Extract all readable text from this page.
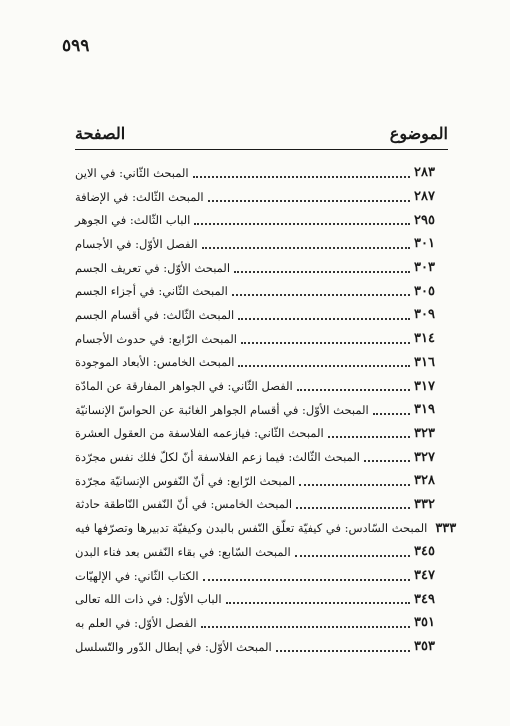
٥٩٩
الموضوع
الصفحة
المبحث الثّاني: في الاين	٢٨٣
المبحث الثّالث: في الإضافة	٢٨٧
الباب الثّالث: في الجوهر	٢٩٥
الفصل الأوّل: في الأجسام	٣٠١
المبحث الأوّل: في تعريف الجسم	٣٠٣
المبحث الثّاني: في أجزاء الجسم	٣٠٥
المبحث الثّالث: في أقسام الجسم	٣٠٩
المبحث الرّابع: في حدوث الأجسام	٣١٤
المبحث الخامس: الأبعاد الموجودة	٣١٦
الفصل الثّاني: في الجواهر المفارقة عن المادّة	٣١٧
المبحث الأوّل: في أقسام الجواهر الغائبة عن الحواسّ الإنسانيّة	٣١٩
المبحث الثّاني: فيازعمه الفلاسفة من العقول العشرة	٣٢٣
المبحث الثّالث: فيما زعم الفلاسفة أنّ لكلّ فلك نفس مجرّدة	٣٢٧
المبحث الرّابع: في أنّ النّفوس الإنسانيّة مجرّدة	٣٢٨
المبحث الخامس: في أنّ النّفس النّاطقة حادثة	٣٣٢
المبحث السّادس: في كيفيّة تعلّق النّفس بالبدن وكيفيّة تدبيرها وتصرّفها فيه ٣٣٣
المبحث السّابع: في بقاء النّفس بعد فناء البدن	٣٤٥
الكتاب الثّاني: في الإلهيّات	٣٤٧
الباب الأوّل: في ذات الله تعالى	٣٤٩
الفصل الأوّل: في العلم به	٣٥١
المبحث الأوّل: في إبطال الدّور والتّسلسل	٣٥٣
